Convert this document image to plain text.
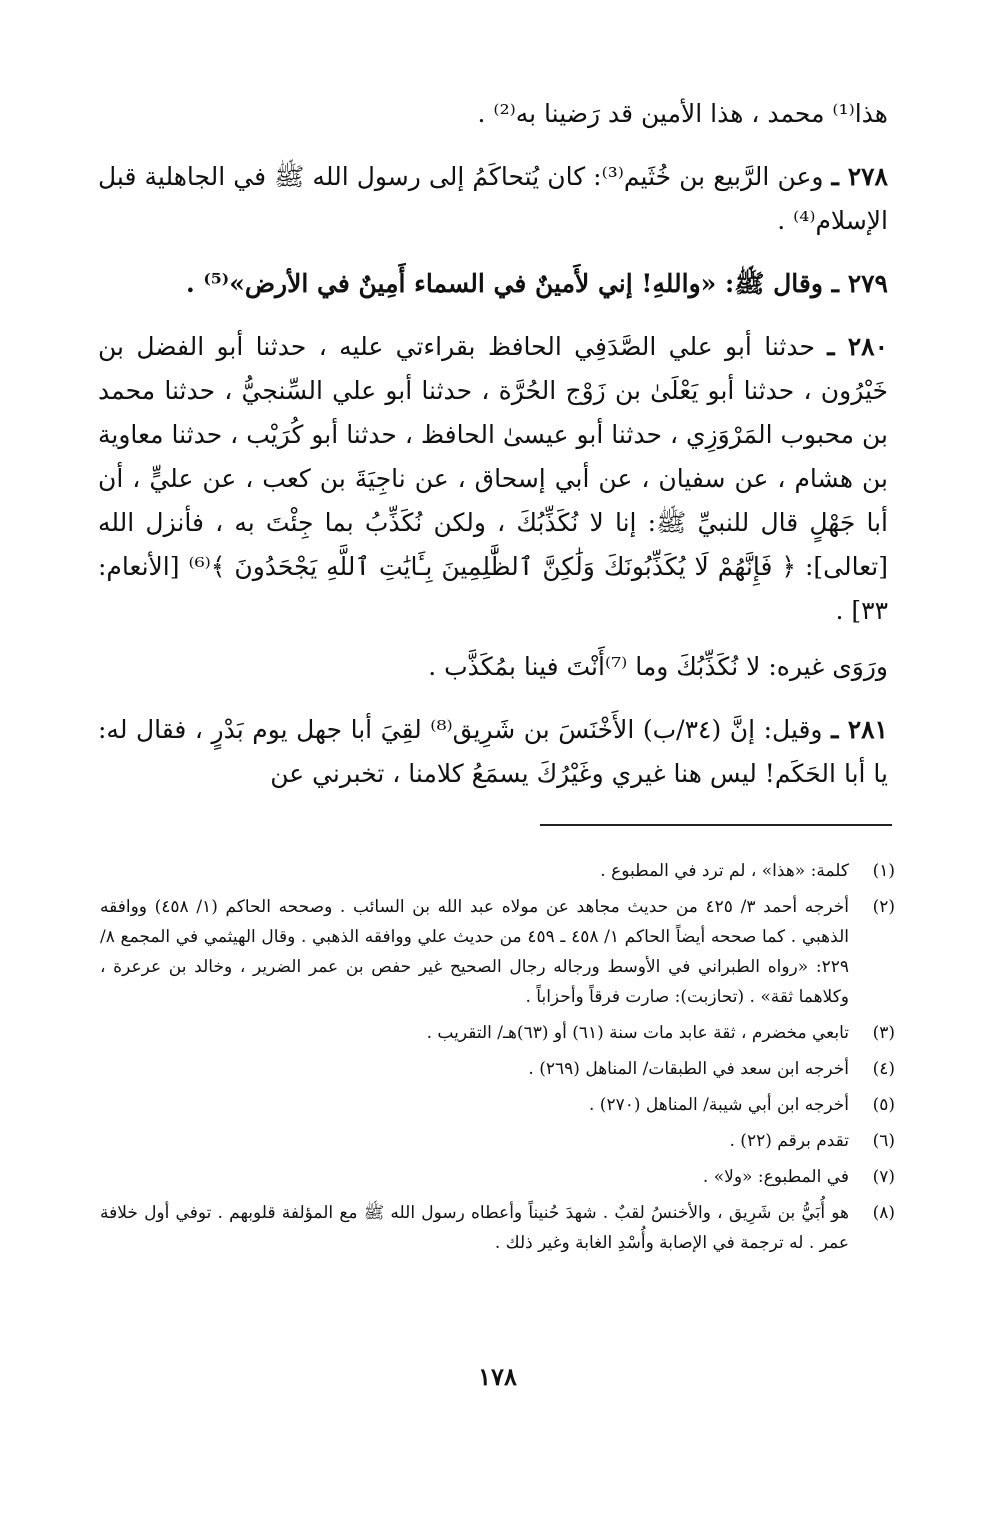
هذا⁽¹⁾ محمد ، هذا الأمين قد رَضينا به⁽²⁾ .

٢٧٨ ـ وعن الرَّبيع بن خُثَيم⁽³⁾: كان يُتحاكَمُ إلى رسول الله ﷺ في الجاهلية قبل الإسلام⁽⁴⁾ .

٢٧٩ ـ وقال ﷺ: «واللهِ! إني لأَمينٌ في السماء أَمِينٌ في الأرض»⁽⁵⁾ .

٢٨٠ ـ حدثنا أبو علي الصَّدَفِي الحافظ بقراءتي عليه ، حدثنا أبو الفضل بن خَيْرُون ، حدثنا أبو يَعْلَىٰ بن زَوْج الحُرَّة ، حدثنا أبو علي السِّنجيُّ ، حدثنا محمد بن محبوب المَرْوَزِي ، حدثنا أبو عيسىٰ الحافظ ، حدثنا أبو كُرَيْب ، حدثنا معاوية بن هشام ، عن سفيان ، عن أبي إسحاق ، عن ناجِيَةَ بن كعب ، عن عليٍّ ، أن أبا جَهْلٍ قال للنبيِّ ﷺ: إنا لا نُكَذِّبُكَ ، ولكن نُكَذِّبُ بما جِئْتَ به ، فأنزل الله [تعالى]: ﴿ فَإِنَّهُمْ لَا يُكَذِّبُونَكَ وَلَٰكِنَّ ٱلظَّٰلِمِينَ بِـَٔايَٰتِ ٱللَّهِ يَجْحَدُونَ ﴾⁽⁶⁾ [الأنعام: ٣٣] .

ورَوَى غيره: لا نُكَذِّبُكَ وما ⁽⁷⁾أَنْتَ فينا بمُكَذَّب .

٢٨١ ـ وقيل: إنَّ (٣٤/ب) الأَخْنَسَ بن شَرِيق⁽⁸⁾ لقِيَ أبا جهل يوم بَدْرٍ ، فقال له: يا أبا الحَكَم! ليس هنا غيري وغَيْرُكَ يسمَعُ كلامنا ، تخبرني عن

(١)
كلمة: «هذا» ، لم ترد في المطبوع .
(٢)
أخرجه أحمد ٣/ ٤٢٥ من حديث مجاهد عن مولاه عبد الله بن السائب . وصححه الحاكم (١/ ٤٥٨) ووافقه الذهبي . كما صححه أيضاً الحاكم ١/ ٤٥٨ ـ ٤٥٩ من حديث علي ووافقه الذهبي . وقال الهيثمي في المجمع ٨/ ٢٢٩: «رواه الطبراني في الأوسط ورجاله رجال الصحيح غير حفص بن عمر الضرير ، وخالد بن عرعرة ، وكلاهما ثقة» . (تحازبت): صارت فرقاً وأحزاباً .
(٣)
تابعي مخضرم ، ثقة عابد مات سنة (٦١) أو (٦٣)هـ/ التقريب .
(٤)
أخرجه ابن سعد في الطبقات/ المناهل (٢٦٩) .
(٥)
أخرجه ابن أبي شيبة/ المناهل (٢٧٠) .
(٦)
تقدم برقم (٢٢) .
(٧)
في المطبوع: «ولا» .
(٨)
هو أُبَيُّ بن شَرِيق ، والأخنسُ لقبٌ . شهدَ حُنيناً وأعطاه رسول الله ﷺ مع المؤلفة قلوبهم . توفي أول خلافة عمر . له ترجمة في الإصابة وأُسْدِ الغابة وغير ذلك .
١٧٨
